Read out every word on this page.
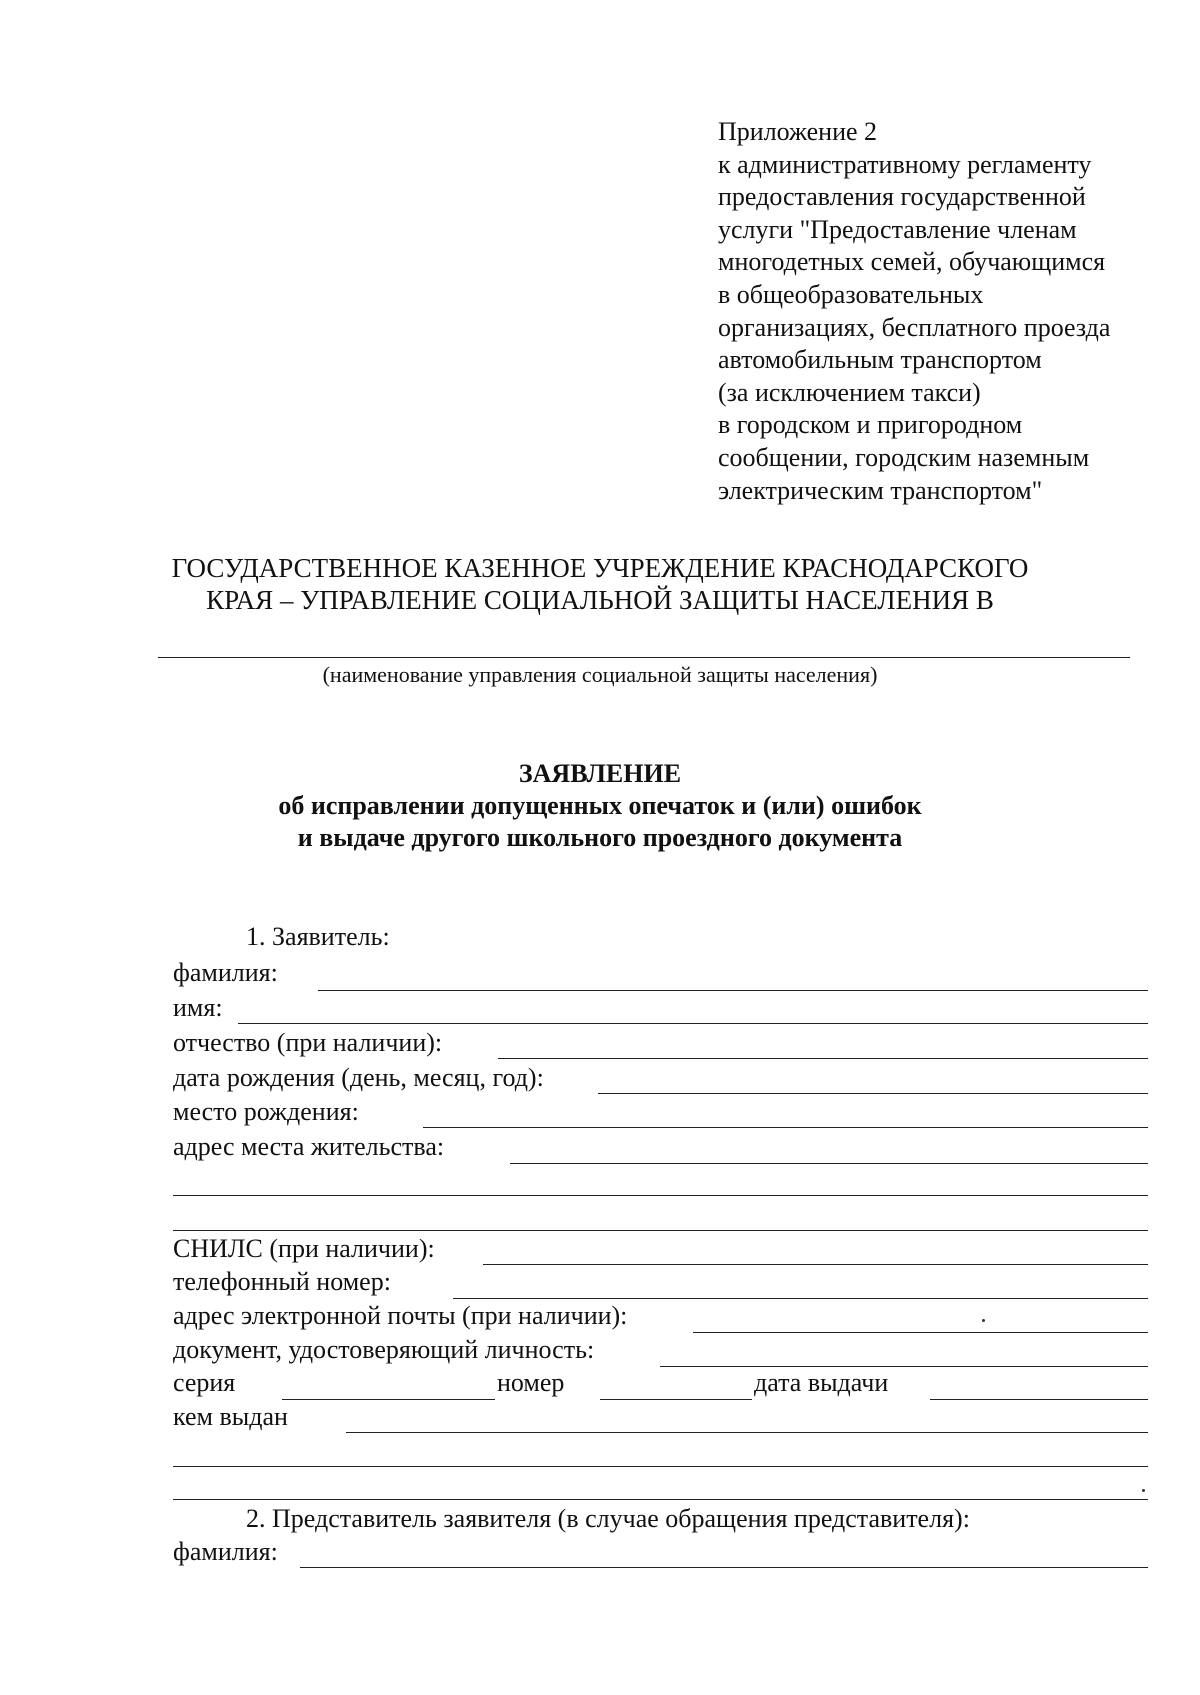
Приложение 2
к административному регламенту
предоставления государственной
услуги "Предоставление членам
многодетных семей, обучающимся
в общеобразовательных
организациях, бесплатного проезда
автомобильным транспортом
(за исключением такси)
в городском и пригородном
сообщении, городским наземным
электрическим транспортом"
ГОСУДАРСТВЕННОЕ КАЗЕННОЕ УЧРЕЖДЕНИЕ КРАСНОДАРСКОГО
КРАЯ – УПРАВЛЕНИЕ СОЦИАЛЬНОЙ ЗАЩИТЫ НАСЕЛЕНИЯ В
(наименование управления социальной защиты населения)
ЗАЯВЛЕНИЕ
об исправлении допущенных опечаток и (или) ошибок
и выдаче другого школьного проездного документа
1. Заявитель:
фамилия:
имя:
отчество (при наличии):
дата рождения (день, месяц, год):
место рождения:
адрес места жительства:
СНИЛС (при наличии):
телефонный номер:
адрес электронной почты (при наличии):
документ, удостоверяющий личность:
серия	номер	дата выдачи
кем выдан
2. Представитель заявителя (в случае обращения представителя):
фамилия:
